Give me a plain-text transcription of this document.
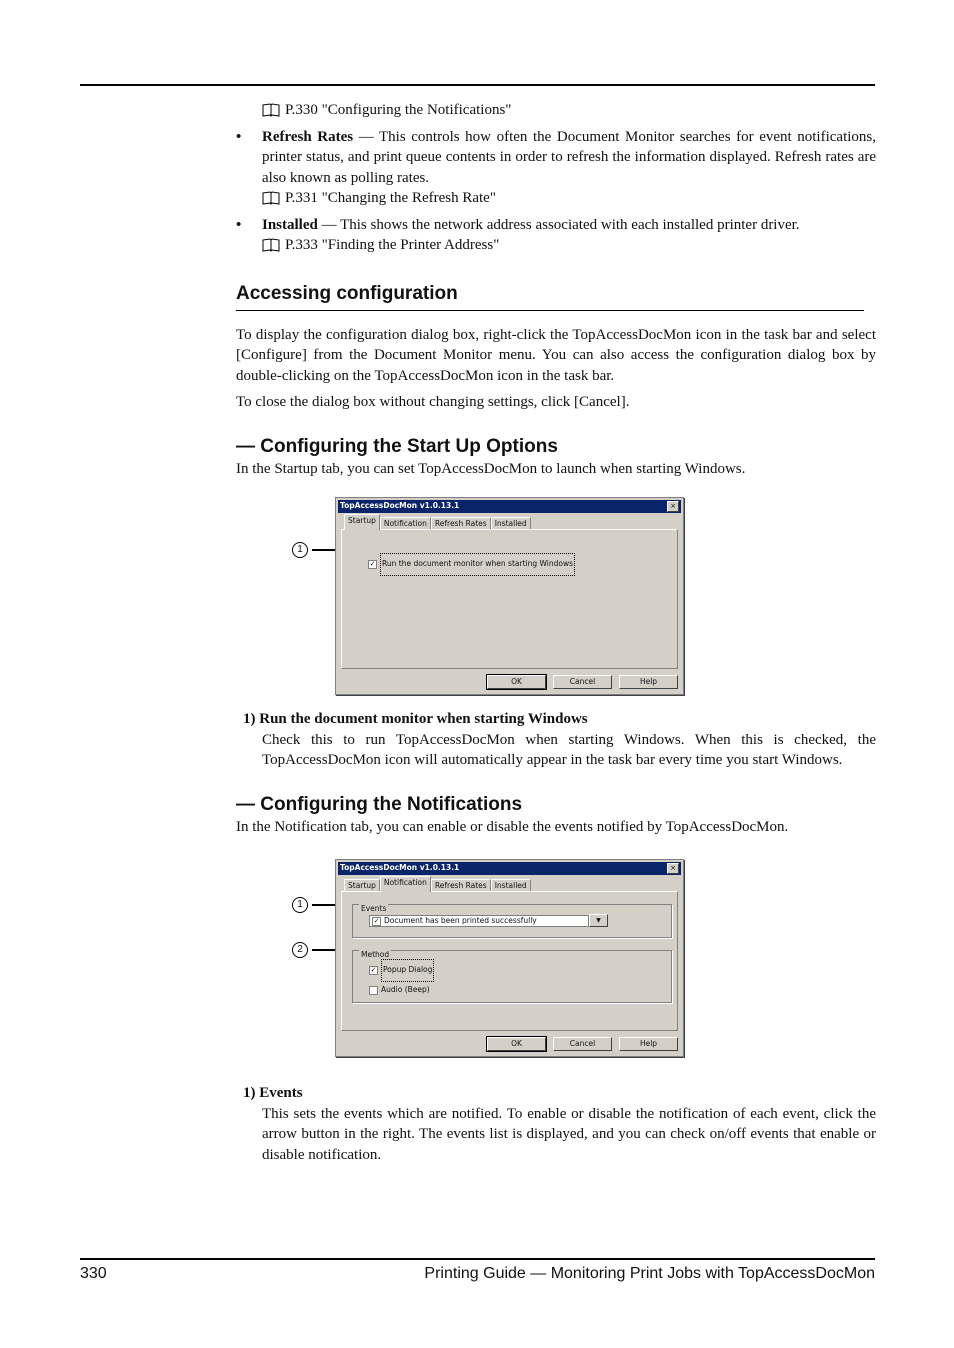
P.330 "Configuring the Notifications"
• Refresh Rates — This controls how often the Document Monitor searches for event notifications, printer status, and print queue contents in order to refresh the information displayed. Refresh rates are also known as polling rates.

P.331 "Changing the Refresh Rate"
• Installed — This shows the network address associated with each installed printer driver.

P.333 "Finding the Printer Address"
Accessing configuration

To display the configuration dialog box, right-click the TopAccessDocMon icon in the task bar and select [Configure] from the Document Monitor menu. You can also access the configuration dialog box by double-clicking on the TopAccessDocMon icon in the task bar.

To close the dialog box without changing settings, click [Cancel].

— Configuring the Start Up Options

In the Startup tab, you can set TopAccessDocMon to launch when starting Windows.

1
TopAccessDocMon v1.0.13.1	×
Startup	Notification	Refresh Rates	Installed
✓ Run the document monitor when starting Windows
OK	Cancel	Help
1) Run the document monitor when starting Windows
Check this to run TopAccessDocMon when starting Windows. When this is checked, the TopAccessDocMon icon will automatically appear in the task bar every time you start Windows.
— Configuring the Notifications

In the Notification tab, you can enable or disable the events notified by TopAccessDocMon.

1
2
TopAccessDocMon v1.0.13.1	×
Startup	Notification	Refresh Rates	Installed
Events
✓ Document has been printed successfully	▼
Method
✓ Popup Dialog
Audio (Beep)
OK	Cancel	Help
1) Events
This sets the events which are notified. To enable or disable the notification of each event, click the arrow button in the right. The events list is displayed, and you can check on/off events that enable or disable notification.
330	Printing Guide — Monitoring Print Jobs with TopAccessDocMon
